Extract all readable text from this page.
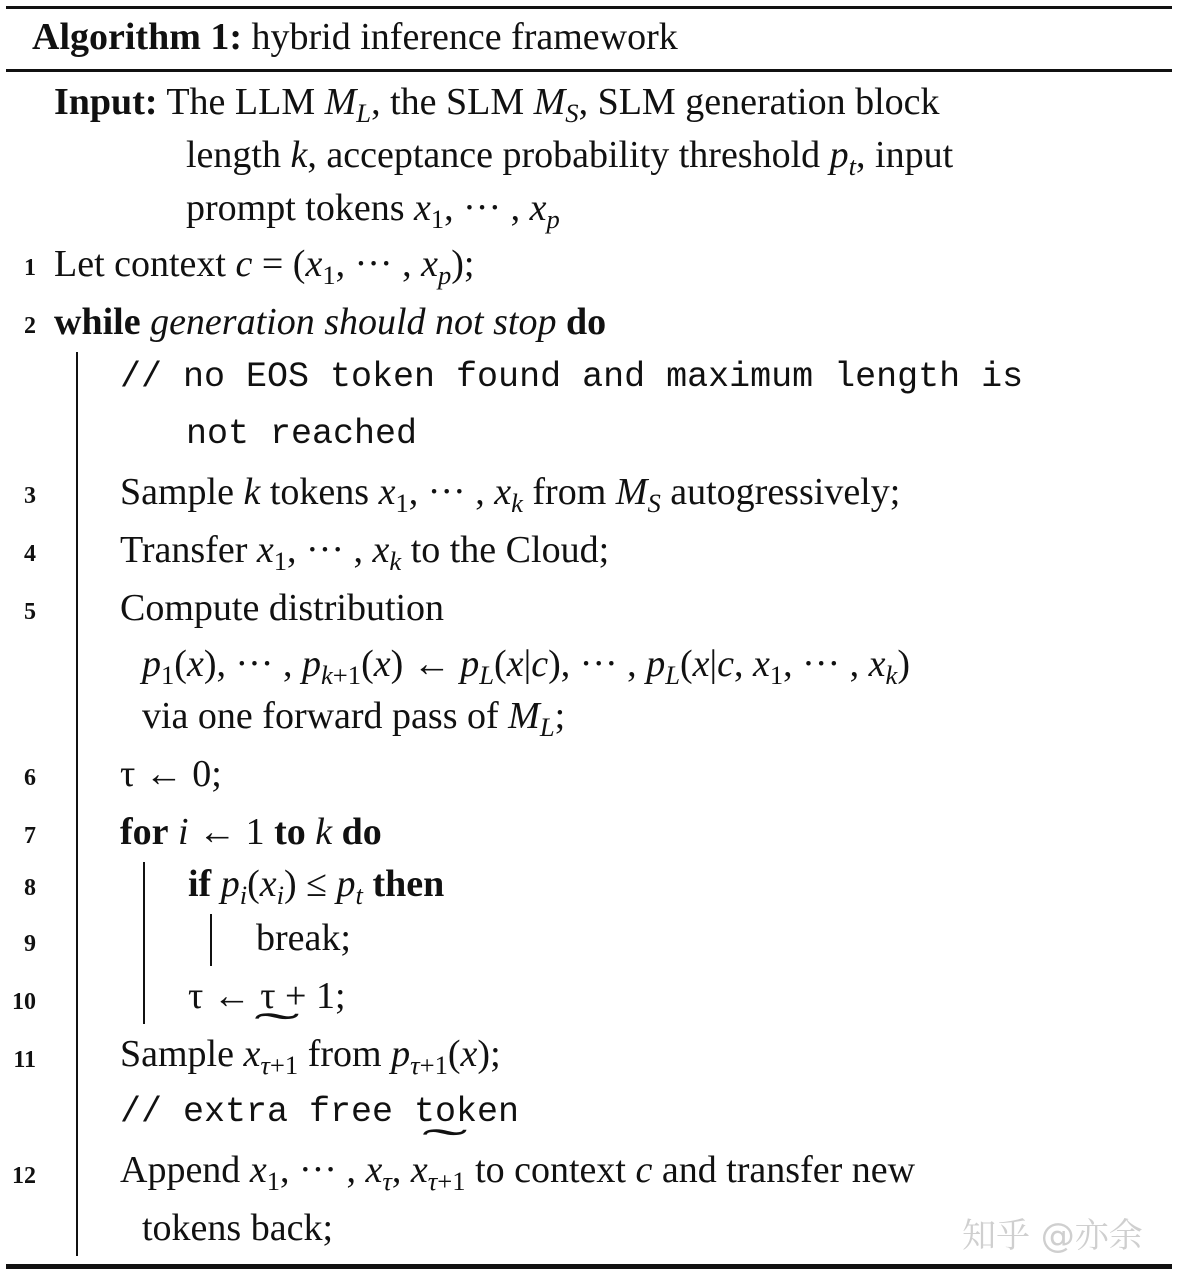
Algorithm 1: hybrid inference framework
Input: The LLM $M_L$, the SLM $M_S$, SLM generation block
length k, acceptance probability threshold $p_t$, input
prompt tokens $x_1$, ··· , $x_p$
1 Let context $c = (x_1$, ··· , $x_p$);
2 while generation should not stop do
// no EOS token found and maximum length is
not reached
3 Sample k tokens $x_1$, ··· , $x_k$ from $M_S$ autogressively;
4 Transfer $x_1$, ··· , $x_k$ to the Cloud;
5 Compute distribution
$p_1(x)$, ··· , $p_{k+1}(x)$ ← $p_L(x|c)$, ··· , $p_L(x|c$, $x_1$, ··· , $x_k$)
via one forward pass of $M_L$;
6 τ ← 0;
7 for i ← 1 to k do
8	if $p_i(x_i) \le p_t$ then
9	break;
10	τ ← τ + 1;
11 Sample ˜ $x_{\tau+1}$ from $p_{\tau+1}(x)$;
// extra free token
12 Append $x_1$, ··· , $x_\tau$, ˜ $x_{\tau+1}$ to context c and transfer new
tokens back;	知乎 @亦余
